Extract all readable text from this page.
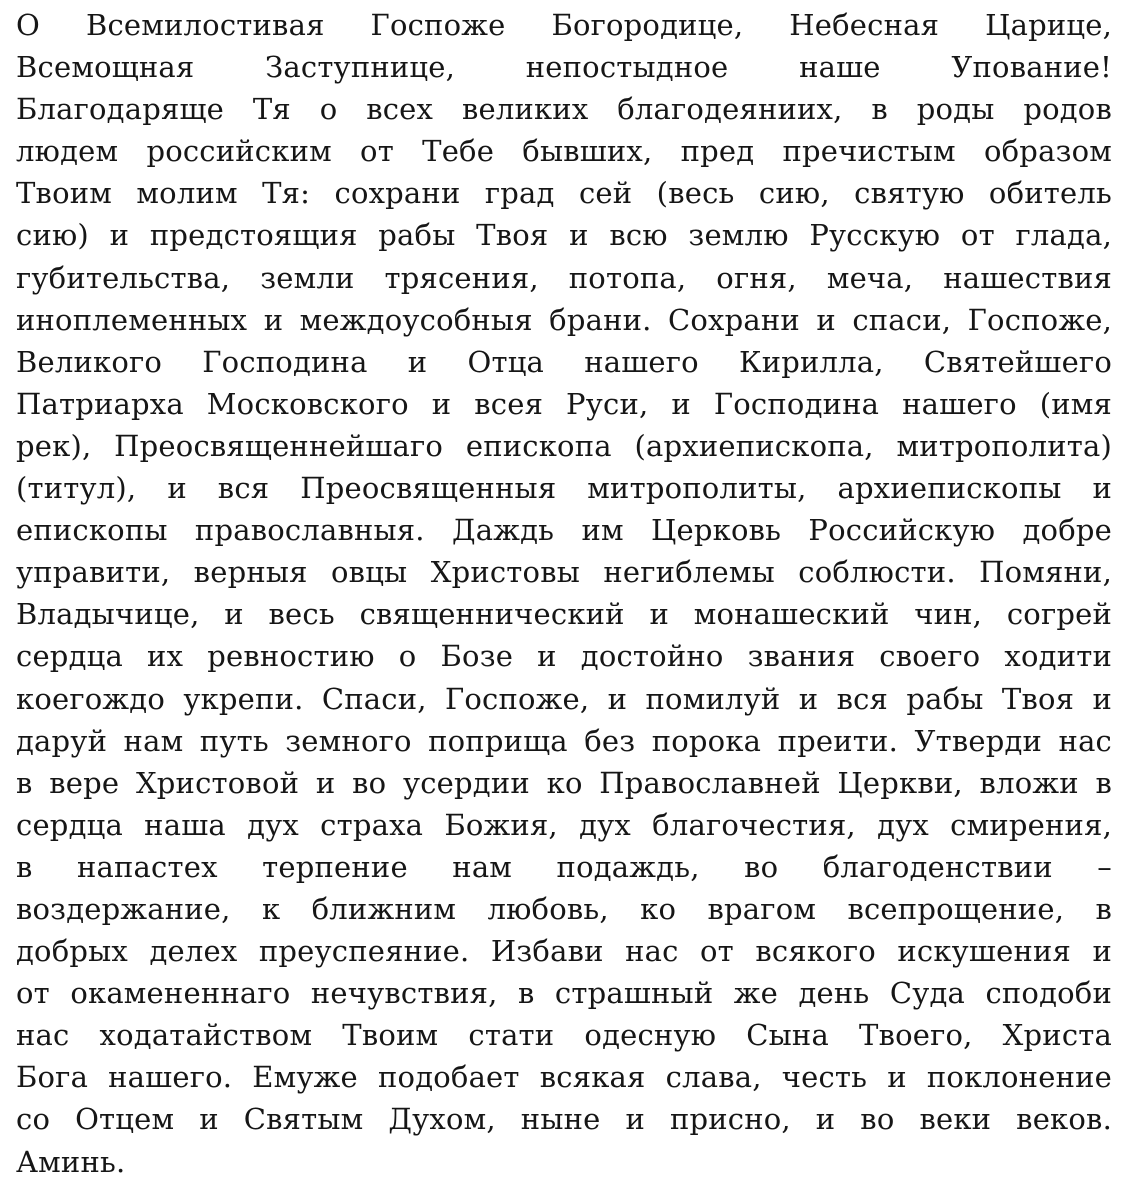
О Всемилостивая Госпоже Богородице, Небесная Царице,
Всемощная Заступнице, непостыдное наше Упование!
Благодаряще Тя о всех великих благодеяниих, в роды родов
людем российским от Тебе бывших, пред пречистым образом
Твоим молим Тя: сохрани град сей (весь сию, святую обитель
сию) и предстоящия рабы Твоя и всю землю Русскую от глада,
губительства, земли трясения, потопа, огня, меча, нашествия
иноплеменных и междоусобныя брани. Сохрани и спаси, Госпоже,
Великого Господина и Отца нашего Кирилла, Святейшего
Патриарха Московского и всея Руси, и Господина нашего (имя
рек), Преосвященнейшаго епископа (архиепископа, митрополита)
(титул), и вся Преосвященныя митрополиты, архиепископы и
епископы православныя. Даждь им Церковь Российскую добре
управити, верныя овцы Христовы негиблемы соблюсти. Помяни,
Владычице, и весь священнический и монашеский чин, согрей
сердца их ревностию о Бозе и достойно звания своего ходити
коегождо укрепи. Спаси, Госпоже, и помилуй и вся рабы Твоя и
даруй нам путь земного поприща без порока преити. Утверди нас
в вере Христовой и во усердии ко Православней Церкви, вложи в
сердца наша дух страха Божия, дух благочестия, дух смирения,
в напастех терпение нам подаждь, во благоденствии –
воздержание, к ближним любовь, ко врагом всепрощение, в
добрых делех преуспеяние. Избави нас от всякого искушения и
от окамененнаго нечувствия, в страшный же день Суда сподоби
нас ходатайством Твоим стати одесную Сына Твоего, Христа
Бога нашего. Емуже подобает всякая слава, честь и поклонение
со Отцем и Святым Духом, ныне и присно, и во веки веков.
Аминь.
